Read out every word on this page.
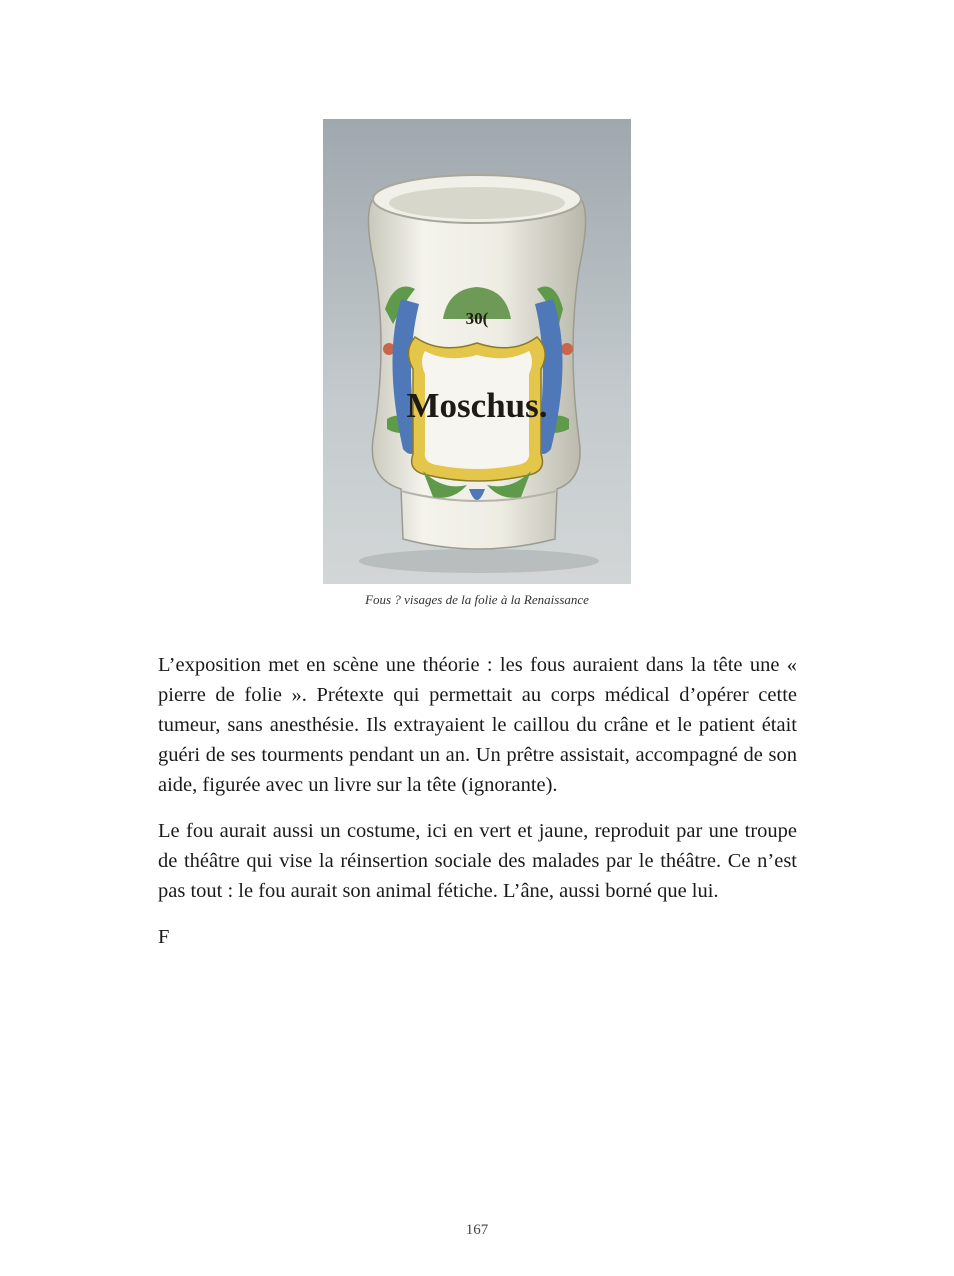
30(
Moschus.
Fous ? visages de la folie à la Renaissance

L’exposition met en scène une théorie : les fous auraient dans la tête une « pierre de folie ». Prétexte qui permettait au corps médical d’opérer cette tumeur, sans anesthésie. Ils extrayaient le caillou du crâne et le patient était guéri de ses tourments pendant un an. Un prêtre assistait, accompagné de son aide, figurée avec un livre sur la tête (ignorante).

Le fou aurait aussi un costume, ici en vert et jaune, reproduit par une troupe de théâtre qui vise la réinsertion sociale des malades par le théâtre. Ce n’est pas tout : le fou aurait son animal fétiche. L’âne, aussi borné que lui.

F

167
